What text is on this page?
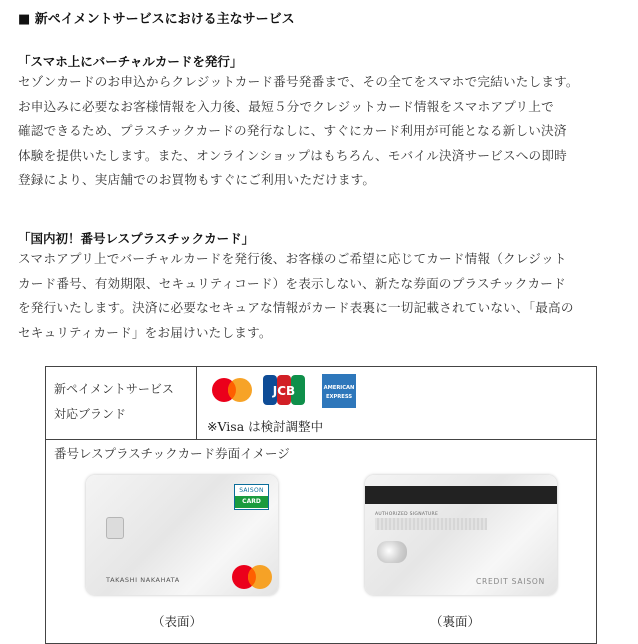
■ 新ペイメントサービスにおける主なサービス
「スマホ上にバーチャルカードを発行」

セゾンカードのお申込からクレジットカード番号発番まで、その全てをスマホで完結いたします。

お申込みに必要なお客様情報を入力後、最短５分でクレジットカード情報をスマホアプリ上で

確認できるため、プラスチックカードの発行なしに、すぐにカード利用が可能となる新しい決済

体験を提供いたします。また、オンラインショップはもちろん、モバイル決済サービスへの即時

登録により、実店舗でのお買物もすぐにご利用いただけます。

「国内初！番号レスプラスチックカード」

スマホアプリ上でバーチャルカードを発行後、お客様のご希望に応じてカード情報（クレジット

カード番号、有効期限、セキュリティコード）を表示しない、新たな券面のプラスチックカード

を発行いたします。決済に必要なセキュアな情報がカード表裏に一切記載されていない、「最高の

セキュリティカード」をお届けいたします。

新ペイメントサービス
対応ブランド

JCB	AMERICAN
EXPRESS
※Visa は検討調整中

番号レスプラスチックカード券面イメージ
SAISON
CARD
TAKASHI NAKAHATA
AUTHORIZED SIGNATURE
CREDIT SAISON
（表面）	（裏面）
